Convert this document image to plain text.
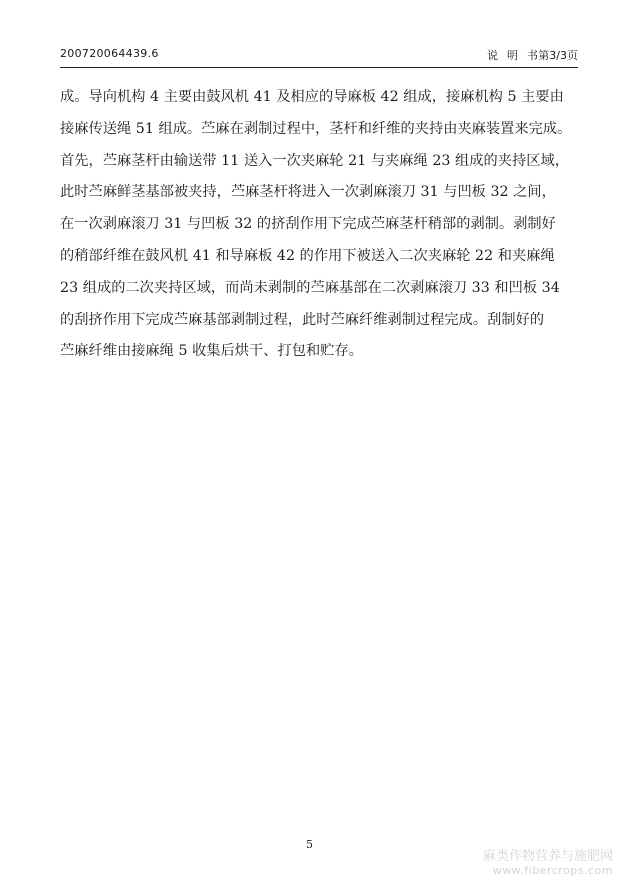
200720064439.6	说明书
第3/3页
成。导向机构 4 主要由鼓风机 41 及相应的导麻板 42 组成，接麻机构 5 主要由
接麻传送绳 51 组成。苎麻在剥制过程中，茎杆和纤维的夹持由夹麻装置来完成。
首先，苎麻茎杆由输送带 11 送入一次夹麻轮 21 与夹麻绳 23 组成的夹持区域，
此时苎麻鲜茎基部被夹持，苎麻茎杆将进入一次剥麻滚刀 31 与凹板 32 之间，
在一次剥麻滚刀 31 与凹板 32 的挤刮作用下完成苎麻茎杆稍部的剥制。剥制好
的稍部纤维在鼓风机 41 和导麻板 42 的作用下被送入二次夹麻轮 22 和夹麻绳
23 组成的二次夹持区域，而尚未剥制的苎麻基部在二次剥麻滚刀 33 和凹板 34
的刮挤作用下完成苎麻基部剥制过程，此时苎麻纤维剥制过程完成。刮制好的
苎麻纤维由接麻绳 5 收集后烘干、打包和贮存。
5
麻类作物营养与施肥网
www.fibercrops.com
